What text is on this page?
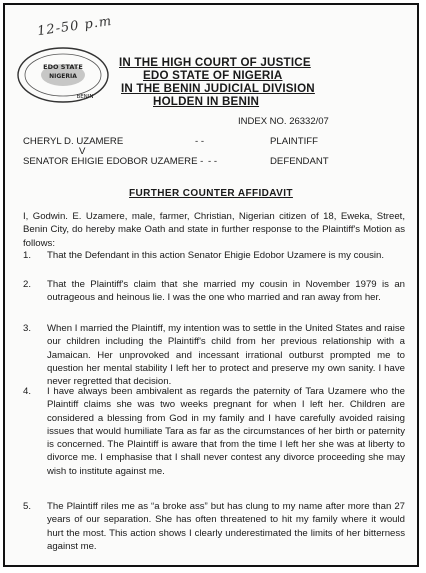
12-50 p.m
EDO STATE
NIGERIA
BENIN
IN THE HIGH COURT OF JUSTICE
EDO STATE OF NIGERIA
IN THE BENIN JUDICIAL DIVISION
HOLDEN IN BENIN
INDEX NO. 26332/07
CHERYL D. UZAMERE	- -	PLAINTIFF
V
SENATOR EHIGIE EDOBOR UZAMERE - - -	DEFENDANT
FURTHER COUNTER AFFIDAVIT
I, Godwin. E. Uzamere, male, farmer, Christian, Nigerian citizen of 18, Eweka, Street, Benin City, do hereby make Oath and state in further response to the Plaintiff's Motion as follows:
1.	That the Defendant in this action Senator Ehigie Edobor Uzamere is my cousin.
2.	That the Plaintiff's claim that she married my cousin in November 1979 is an outrageous and heinous lie. I was the one who married and ran away from her.
3.	When I married the Plaintiff, my intention was to settle in the United States and raise our children including the Plaintiff's child from her previous relationship with a Jamaican. Her unprovoked and incessant irrational outburst prompted me to question her mental stability I left her to protect and preserve my own sanity. I have never regretted that decision.
4.	I have always been ambivalent as regards the paternity of Tara Uzamere who the Plaintiff claims she was two weeks pregnant for when I left her. Children are considered a blessing from God in my family and I have carefully avoided raising issues that would humiliate Tara as far as the circumstances of her birth or paternity is concerned. The Plaintiff is aware that from the time I left her she was at liberty to divorce me. I emphasise that I shall never contest any divorce proceeding she may wish to institute against me.
5.	The Plaintiff riles me as “a broke ass” but has clung to my name after more than 27 years of our separation. She has often threatened to hit my family where it would hurt the most. This action shows I clearly underestimated the limits of her bitterness against me.
